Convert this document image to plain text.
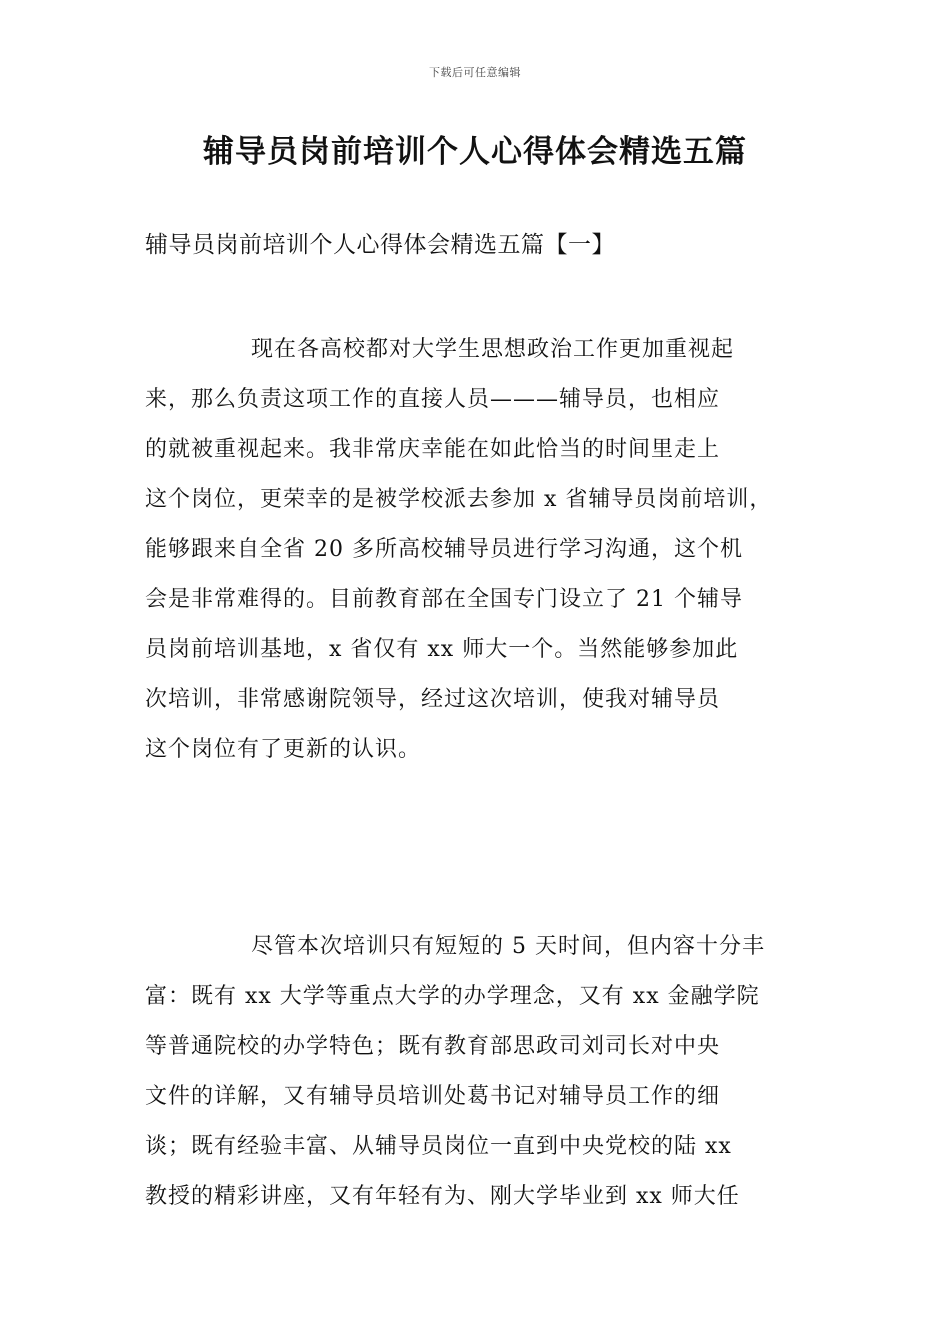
下载后可任意编辑
辅导员岗前培训个人心得体会精选五篇
辅导员岗前培训个人心得体会精选五篇【一】
现在各高校都对大学生思想政治工作更加重视起
来，那么负责这项工作的直接人员———辅导员，也相应
的就被重视起来。我非常庆幸能在如此恰当的时间里走上
这个岗位，更荣幸的是被学校派去参加 x 省辅导员岗前培训，
能够跟来自全省 20 多所高校辅导员进行学习沟通，这个机
会是非常难得的。目前教育部在全国专门设立了 21 个辅导
员岗前培训基地，x 省仅有 xx 师大一个。当然能够参加此
次培训，非常感谢院领导，经过这次培训，使我对辅导员
这个岗位有了更新的认识。
尽管本次培训只有短短的 5 天时间，但内容十分丰
富：既有 xx 大学等重点大学的办学理念，又有 xx 金融学院
等普通院校的办学特色；既有教育部思政司刘司长对中央
文件的详解，又有辅导员培训处葛书记对辅导员工作的细
谈；既有经验丰富、从辅导员岗位一直到中央党校的陆 xx
教授的精彩讲座，又有年轻有为、刚大学毕业到 xx 师大任
